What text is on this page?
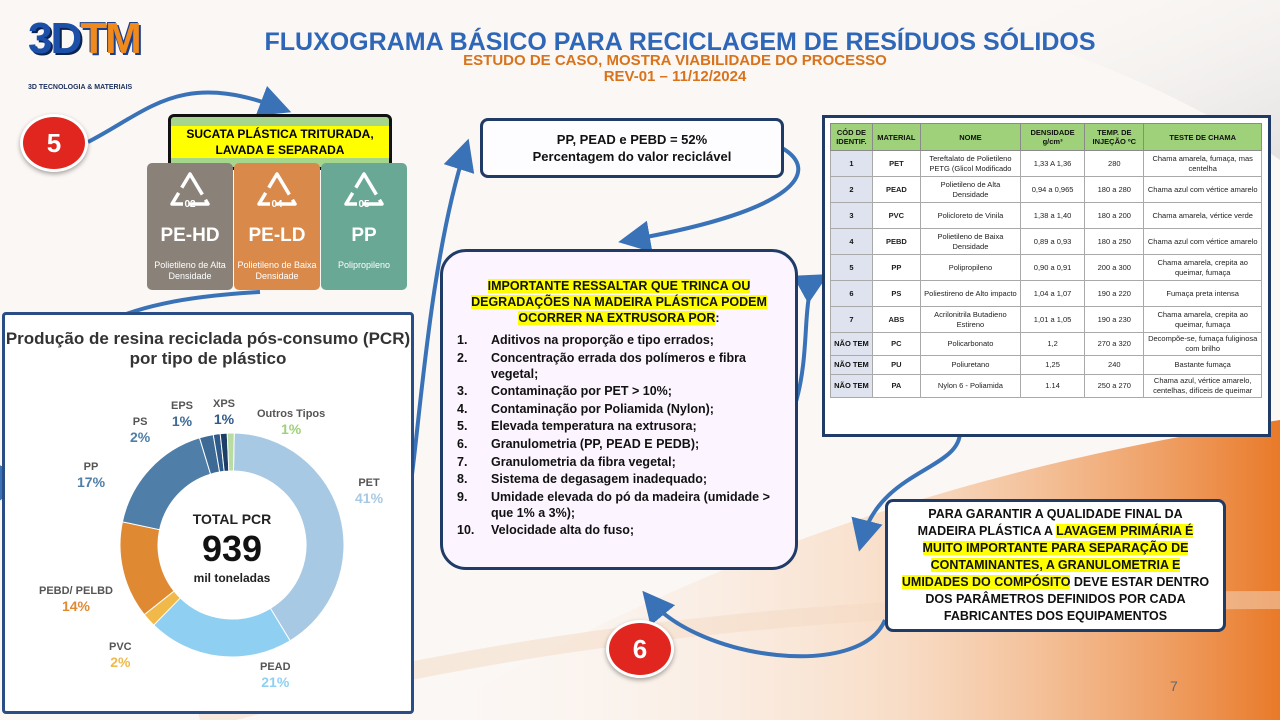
3DTM
3D TECNOLOGIA & MATERIAIS
FLUXOGRAMA BÁSICO PARA RECICLAGEM DE RESÍDUOS SÓLIDOS
ESTUDO DE CASO, MOSTRA VIABILIDADE DO PROCESSO
REV-01 – 11/12/2024
5
6
SUCATA PLÁSTICA TRITURADA, LAVADA E SEPARADA
02
PE-HD
Polietileno de Alta Densidade
04
PE-LD
Polietileno de Baixa Densidade
05
PP
Polipropileno
Produção de resina reciclada pós-consumo (PCR) por tipo de plástico
PET
41%
PEAD
21%
PVC
2%
PEBD/ PELBD
14%
PP
17%
PS
2%
EPS
1%
XPS
1% Outros Tipos
1%
TOTAL PCR
939
mil toneladas
PP, PEAD e PEBD = 52%
Percentagem do valor reciclável
IMPORTANTE RESSALTAR QUE TRINCA OU DEGRADAÇÕES NA MADEIRA PLÁSTICA PODEM OCORRER NA EXTRUSORA POR:
1.	Aditivos na proporção e tipo errados;
2.	Concentração errada dos polímeros e fibra vegetal;
3.	Contaminação por PET > 10%;
4.	Contaminação por Poliamida (Nylon);
5.	Elevada temperatura na extrusora;
6.	Granulometria (PP, PEAD E PEDB);
7.	Granulometria da fibra vegetal;
8.	Sistema de degasagem inadequado;
9.	Umidade elevada do pó da madeira (umidade > que 1% a 3%);
10.	Velocidade alta do fuso;
CÓD DE IDENTIF.	MATERIAL	NOME	DENSIDADE g/cm³	TEMP. DE INJEÇÃO ºC	TESTE DE CHAMA
1	PET	Tereftalato de Polietileno PETG (Glicol Modificado	1,33 A 1,36	280	Chama amarela, fumaça, mas centelha
2	PEAD	Polietileno de Alta Densidade	0,94 a 0,965	180 a 280	Chama azul com vértice amarelo
3	PVC	Policloreto de Vinila	1,38 a 1,40	180 a 200	Chama amarela, vértice verde
4	PEBD	Polietileno de Baixa Densidade	0,89 a 0,93	180 a 250	Chama azul com vértice amarelo
5	PP	Polipropileno	0,90 a 0,91	200 a 300	Chama amarela, crepita ao queimar, fumaça
6	PS	Poliestireno de Alto impacto	1,04 a 1,07	190 a 220	Fumaça preta intensa
7	ABS	Acrilonitrila Butadieno Estireno	1,01 a 1,05	190 a 230	Chama amarela, crepita ao queimar, fumaça
NÃO TEM	PC	Policarbonato	1,2	270 a 320	Decompõe-se, fumaça fuliginosa com brilho
NÃO TEM	PU	Poliuretano	1,25	240	Bastante fumaça
NÃO TEM	PA	Nylon 6 - Poliamida	1.14	250 a 270	Chama azul, vértice amarelo, centelhas, difíceis de queimar
PARA GARANTIR A QUALIDADE FINAL DA MADEIRA PLÁSTICA A LAVAGEM PRIMÁRIA É MUITO IMPORTANTE PARA SEPARAÇÃO DE CONTAMINANTES, A GRANULOMETRIA E UMIDADES DO COMPÓSITO DEVE ESTAR DENTRO DOS PARÂMETROS DEFINIDOS POR CADA FABRICANTES DOS EQUIPAMENTOS
7
